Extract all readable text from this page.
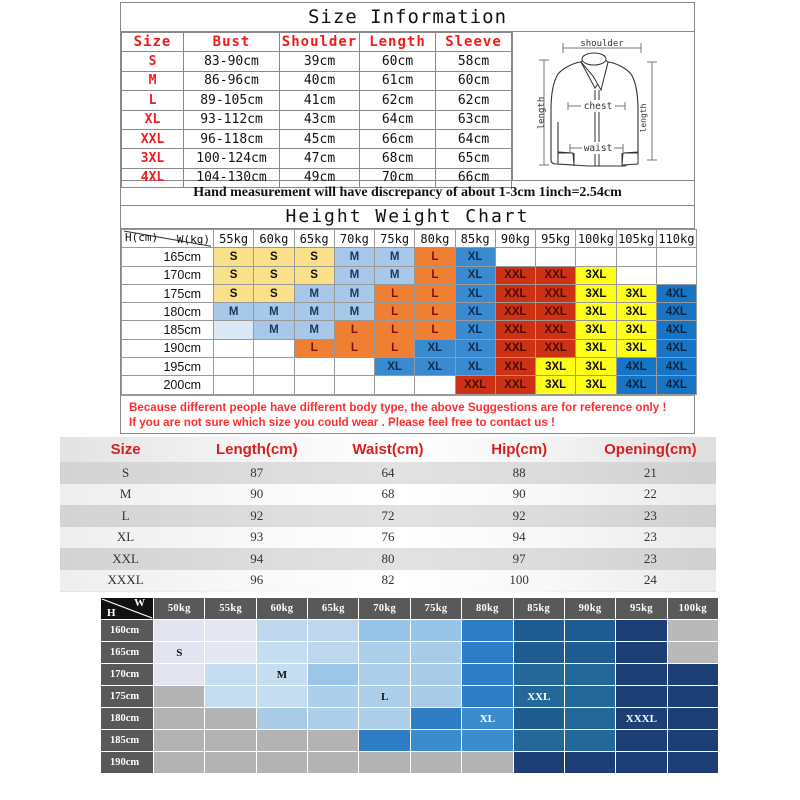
Size Information
Size	Bust	Shoulder	Length	Sleeve
S	83-90cm	39cm	60cm	58cm
M	86-96cm	40cm	61cm	60cm
L	89-105cm	41cm	62cm	62cm
XL	93-112cm	43cm	64cm	63cm
XXL	96-118cm	45cm	66cm	64cm
3XL	100-124cm	47cm	68cm	65cm
4XL	104-130cm	49cm	70cm	66cm
shoulder
length	length
chest
waist
Hand measurement will have discrepancy of about 1-3cm 1inch=2.54cm
Height Weight Chart
H(cm) W(kg)	55kg	60kg	65kg	70kg	75kg	80kg	85kg	90kg	95kg	100kg	105kg	110kg
165cm	S	S	S	M	M	L	XL					
170cm	S	S	S	M	M	L	XL	XXL	XXL	3XL		
175cm	S	S	M	M	L	L	XL	XXL	XXL	3XL	3XL	4XL
180cm	M	M	M	M	L	L	XL	XXL	XXL	3XL	3XL	4XL
185cm		M	M	L	L	L	XL	XXL	XXL	3XL	3XL	4XL
190cm			L	L	L	XL	XL	XXL	XXL	3XL	3XL	4XL
195cm					XL	XL	XL	XXL	3XL	3XL	4XL	4XL
200cm							XXL	XXL	3XL	3XL	4XL	4XL
Because different people have different body type, the above Suggestions are for reference only !
If you are not sure which size you could wear . Please feel free to contact us !
Size	Length(cm)	Waist(cm)	Hip(cm)	Opening(cm)
S	87	64	88	21
M	90	68	90	22
L	92	72	92	23
XL	93	76	94	23
XXL	94	80	97	23
XXXL	96	82	100	24
H
W	50kg	55kg	60kg	65kg	70kg	75kg	80kg	85kg	90kg	95kg	100kg
160cm											
165cm	S										
170cm			M								
175cm					L			XXL			
180cm							XL			XXXL	
185cm											
190cm											
